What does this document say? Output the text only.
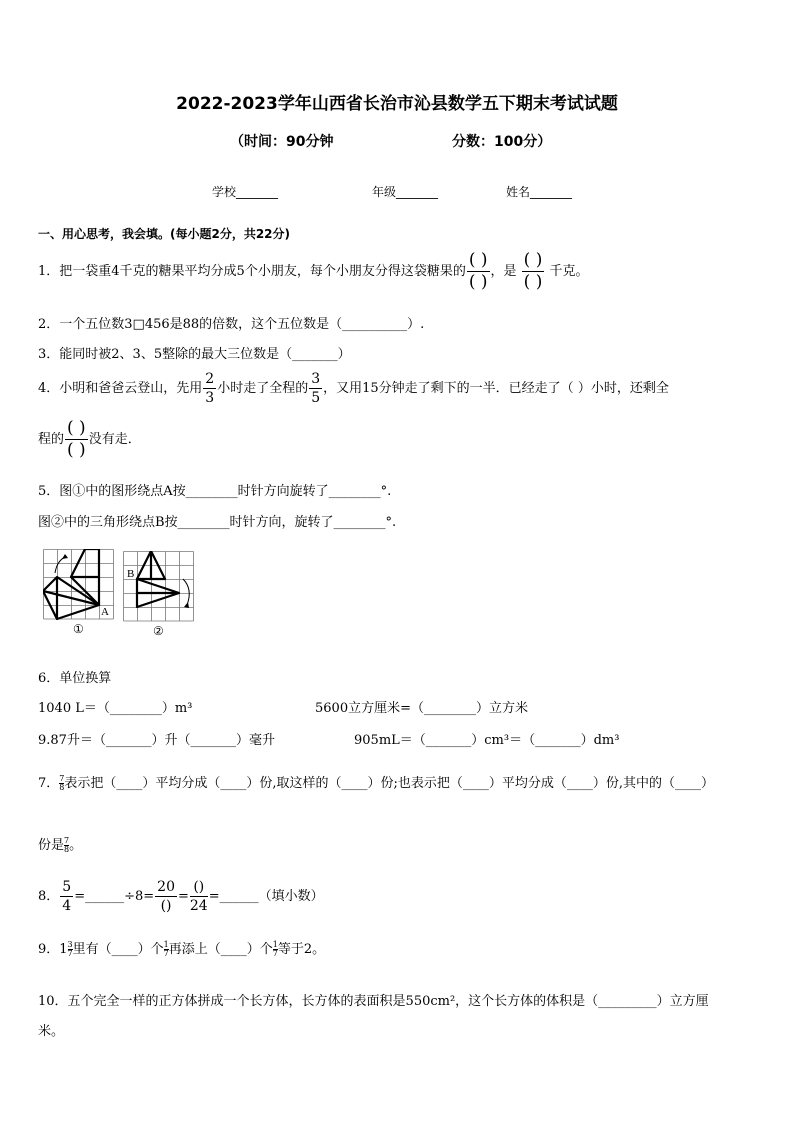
2022-2023学年山西省长治市沁县数学五下期末考试试题
（时间：90分钟	分数：100分）
学校_______	年级_______	姓名_______
一、用心思考，我会填。(每小题2分，共22分)
1．把一袋重4千克的糖果平均分成5个小朋友，每个小朋友分得这袋糖果的 $\frac{( )}{( )}$ ，是 $\frac{( )}{( )}$ 千克。
2．一个五位数3□456是88的倍数，这个五位数是（__________）.
3．能同时被2、3、5整除的最大三位数是（_______）
4．小明和爸爸云登山，先用 $\frac{2}{3}$ 小时走了全程的 $\frac{3}{5}$ ，又用15分钟走了剩下的一半．已经走了（ ）小时，还剩全
程的 $\frac{( )}{( )}$ 没有走．
5．图①中的图形绕点A按________时针方向旋转了________°.
图②中的三角形绕点B按________时针方向，旋转了________°.
A
①
B
②
6．单位换算
1040 L＝（________）m³	5600立方厘米=（________）立方米
9.87升＝（_______）升（_______）毫升	905mL＝（_______）cm³＝（_______）dm³
7． $\frac{7}{8}$ 表示把（____）平均分成（____）份,取这样的（____）份;也表示把（____）平均分成（____）份,其中的（____）
份是 $\frac{7}{8}$ 。
8． $\frac{5}{4}$ =______÷8= $\frac{20}{()} = \frac{()}{24}$ =______（填小数）
9．$1 \frac{3}{7}$ 里有（____）个 $\frac{1}{7}$ 再添上（____）个 $\frac{1}{7}$ 等于2。
10．五个完全一样的正方体拼成一个长方体，长方体的表面积是550cm²，这个长方体的体积是（_________）立方厘
米。
